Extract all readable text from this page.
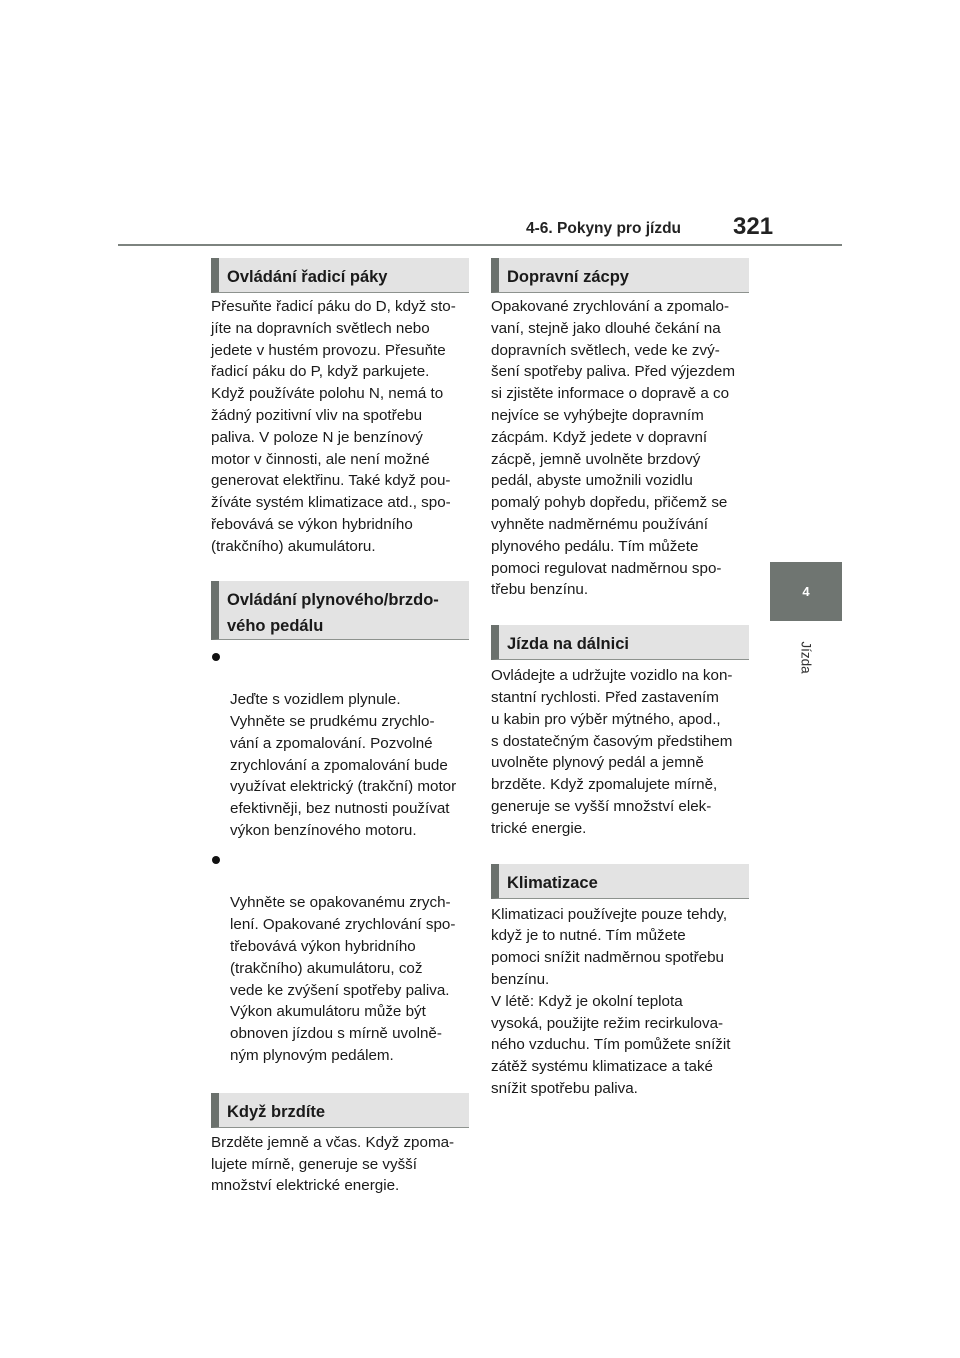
4-6. Pokyny pro jízdu 321
4
Jízda
Ovládání řadicí páky

Přesuňte řadicí páku do D, když sto-
jíte na dopravních světlech nebo
jedete v hustém provozu. Přesuňte
řadicí páku do P, když parkujete.
Když používáte polohu N, nemá to
žádný pozitivní vliv na spotřebu
paliva. V poloze N je benzínový
motor v činnosti, ale není možné
generovat elektřinu. Také když pou-
žíváte systém klimatizace atd., spo-
řebovává se výkon hybridního
(trakčního) akumulátoru.

Ovládání plynového/brzdo-
vého pedálu

Jeďte s vozidlem plynule.
Vyhněte se prudkému zrychlo-
vání a zpomalování. Pozvolné
zrychlování a zpomalování bude
využívat elektrický (trakční) motor
efektivněji, bez nutnosti používat
výkon benzínového motoru.

Vyhněte se opakovanému zrych-
lení. Opakované zrychlování spo-
třebovává výkon hybridního
(trakčního) akumulátoru, což
vede ke zvýšení spotřeby paliva.
Výkon akumulátoru může být
obnoven jízdou s mírně uvolně-
ným plynovým pedálem.

Když brzdíte

Brzděte jemně a včas. Když zpoma-
lujete mírně, generuje se vyšší
množství elektrické energie.

Dopravní zácpy

Opakované zrychlování a zpomalo-
vaní, stejně jako dlouhé čekání na
dopravních světlech, vede ke zvý-
šení spotřeby paliva. Před výjezdem
si zjistěte informace o dopravě a co
nejvíce se vyhýbejte dopravním
zácpám. Když jedete v dopravní
zácpě, jemně uvolněte brzdový
pedál, abyste umožnili vozidlu
pomalý pohyb dopředu, přičemž se
vyhněte nadměrnému používání
plynového pedálu. Tím můžete
pomoci regulovat nadměrnou spo-
třebu benzínu.

Jízda na dálnici

Ovládejte a udržujte vozidlo na kon-
stantní rychlosti. Před zastavením
u kabin pro výběr mýtného, apod.,
s dostatečným časovým předstihem
uvolněte plynový pedál a jemně
brzděte. Když zpomalujete mírně,
generuje se vyšší množství elek-
trické energie.

Klimatizace

Klimatizaci používejte pouze tehdy,
když je to nutné. Tím můžete
pomoci snížit nadměrnou spotřebu
benzínu.
V létě: Když je okolní teplota
vysoká, použijte režim recirkulova-
ného vzduchu. Tím pomůžete snížit
zátěž systému klimatizace a také
snížit spotřebu paliva.
